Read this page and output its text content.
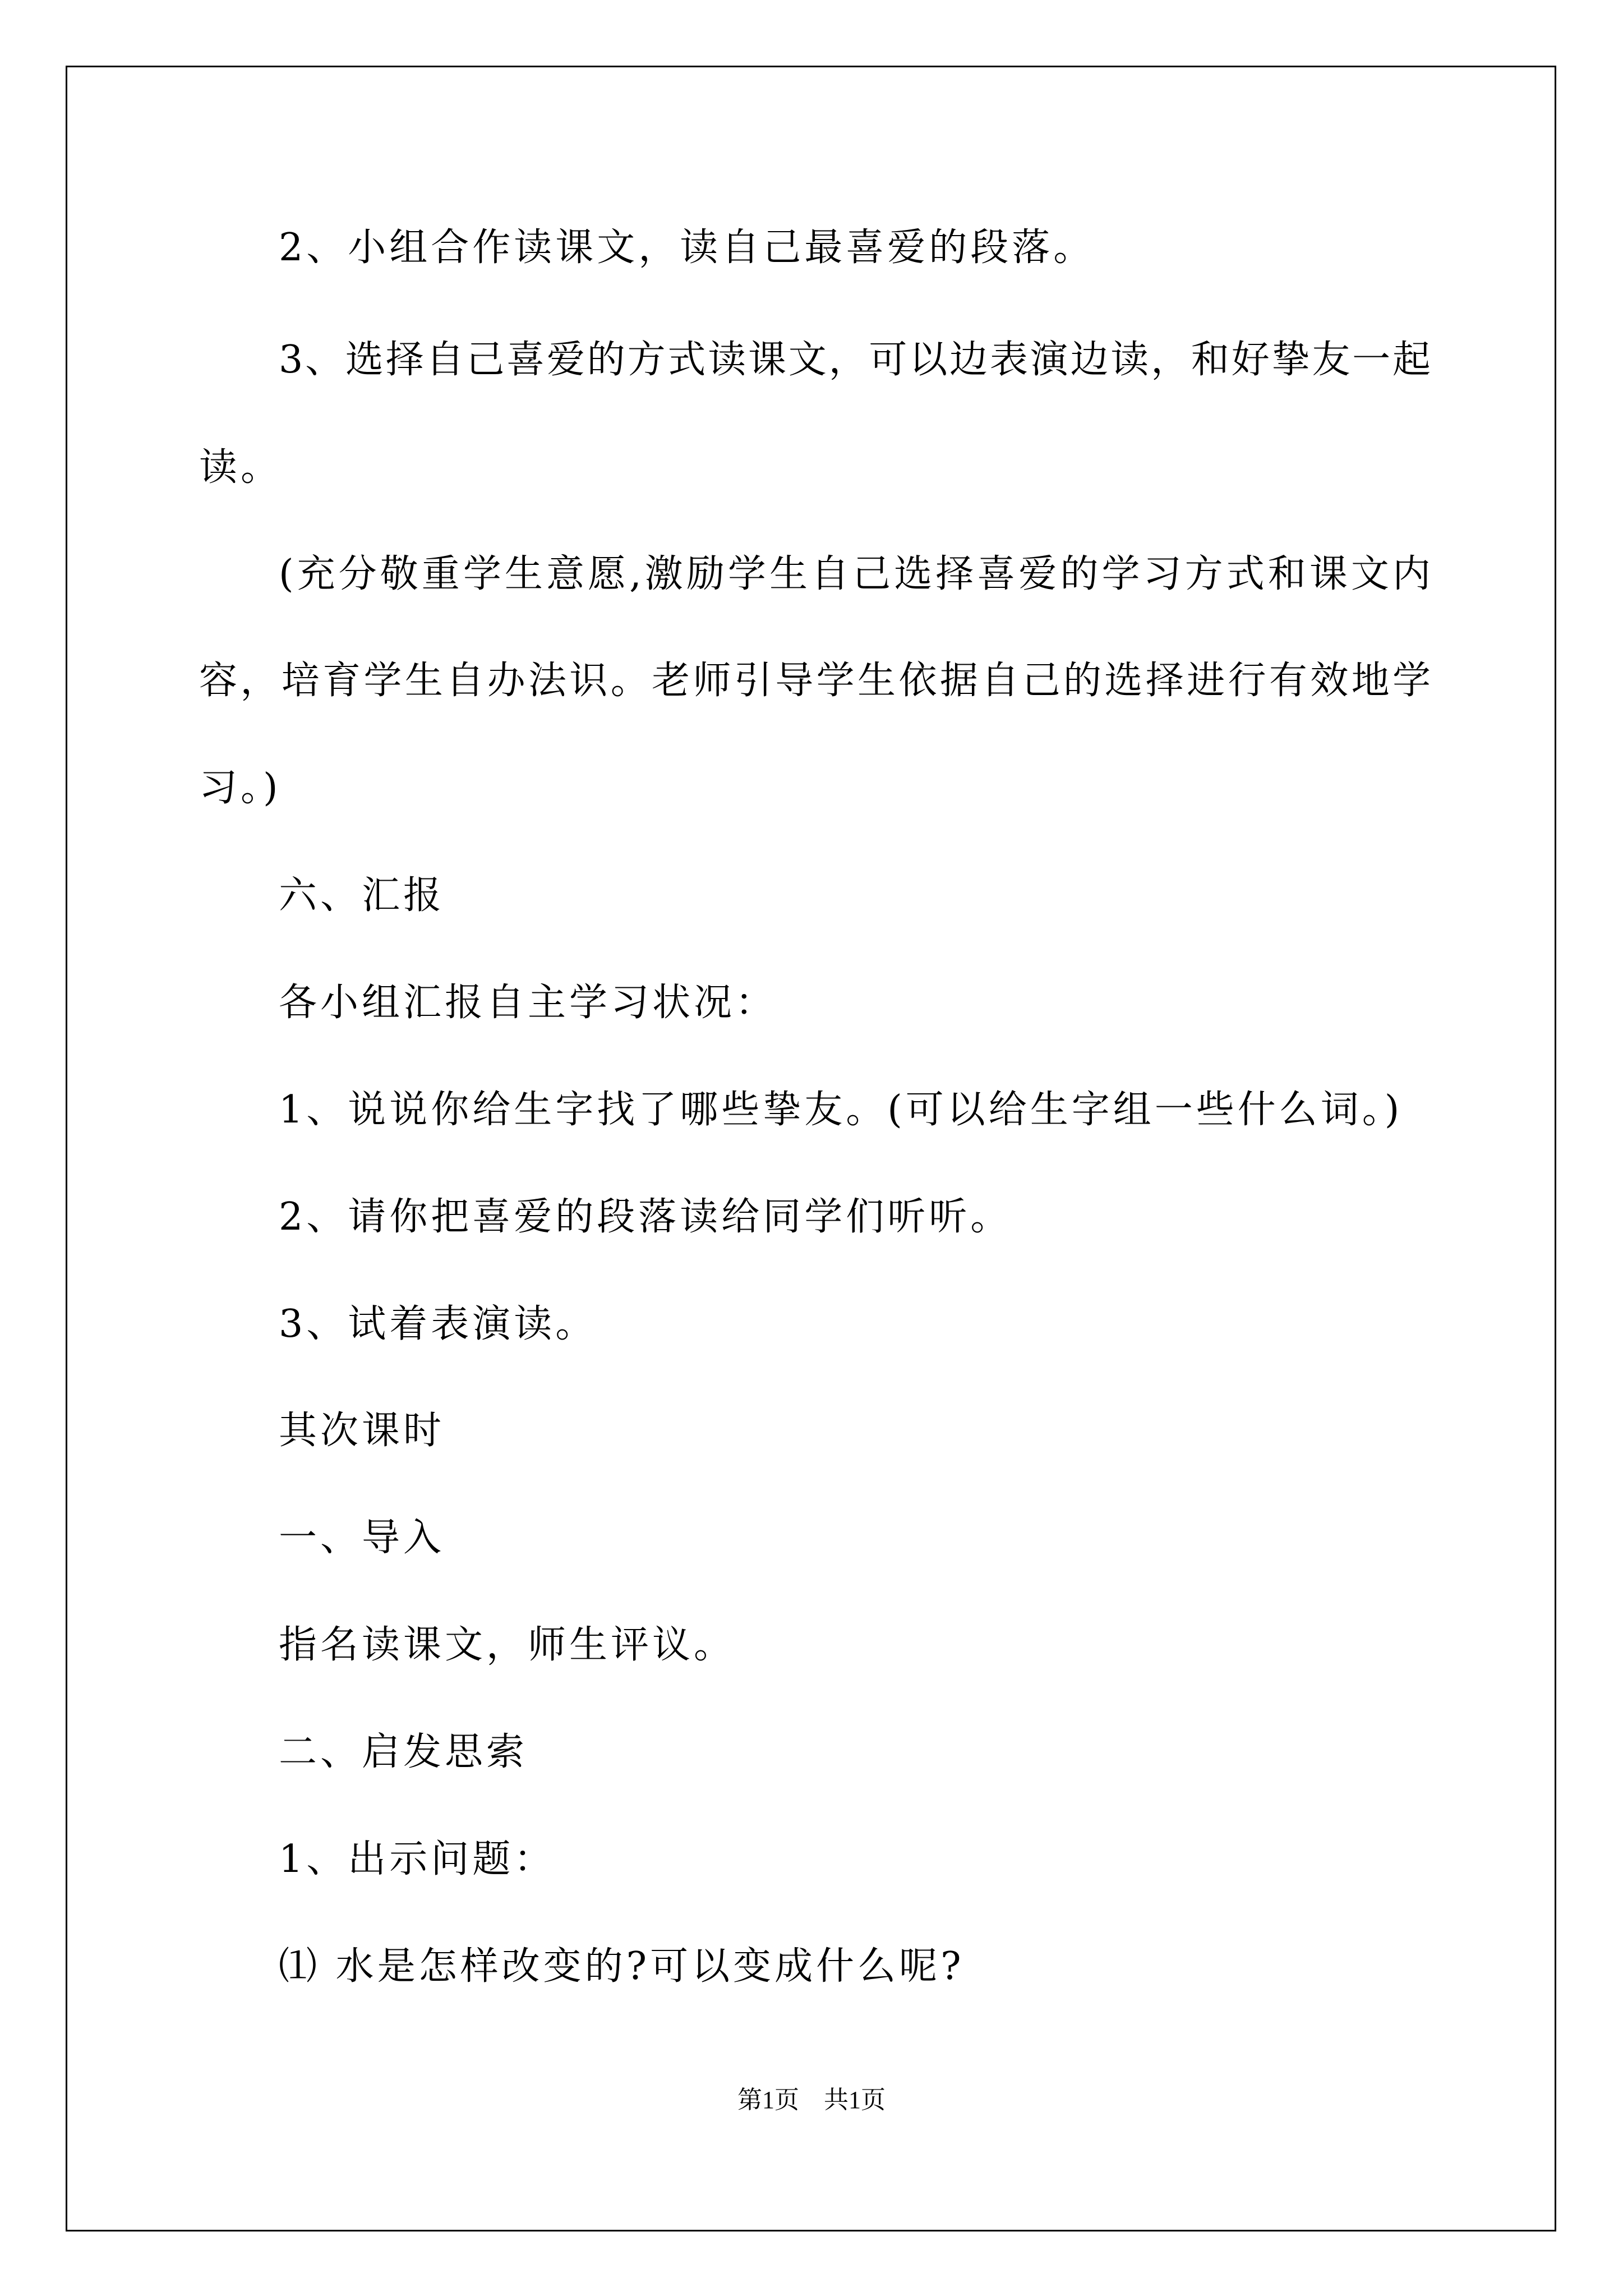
2、小组合作读课文，读自己最喜爱的段落。
3、选择自己喜爱的方式读课文，可以边表演边读，和好挚友一起
读。
(充分敬重学生意愿,激励学生自己选择喜爱的学习方式和课文内
容，培育学生自办法识。老师引导学生依据自己的选择进行有效地学
习。)
六、汇报
各小组汇报自主学习状况：
1、说说你给生字找了哪些挚友。(可以给生字组一些什么词。)
2、请你把喜爱的段落读给同学们听听。
3、试着表演读。
其次课时
一、导入
指名读课文，师生评议。
二、启发思索
1、出示问题：
⑴ 水是怎样改变的?可以变成什么呢?
第1页　共1页
